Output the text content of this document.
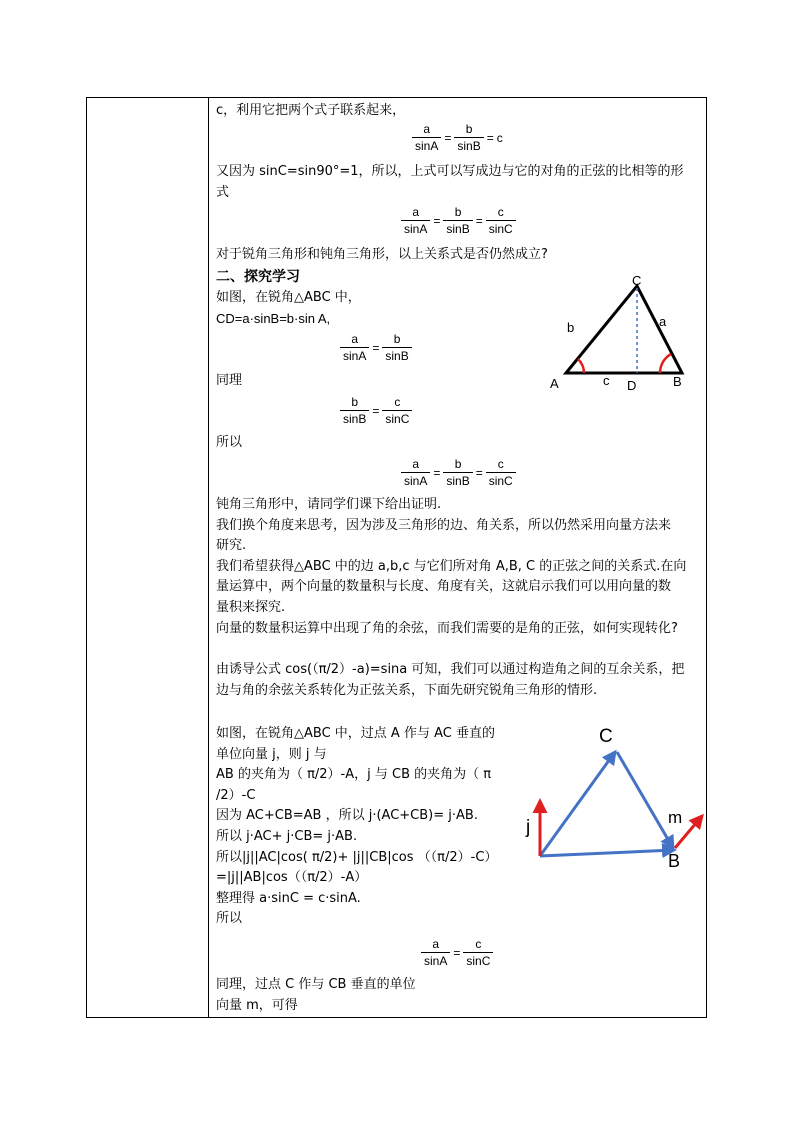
c，利用它把两个式子联系起来，
$\frac{a}{\sin A} = \frac{b}{\sin B} = c$
又因为 sinC=sin90°=1，所以，上式可以写成边与它的对角的正弦的比相等的形
式
$\frac{a}{\sin A} = \frac{b}{\sin B} = \frac{c}{\sin C}$
对于锐角三角形和钝角三角形，以上关系式是否仍然成立?
二、探究学习
如图，在锐角△ABC 中，
CD=a·sinB=b·sin A,
$\frac{a}{\sin A} = \frac{b}{\sin B}$
同理
$\frac{b}{\sin B} = \frac{c}{\sin C}$
所以
$\frac{a}{\sin A} = \frac{b}{\sin B} = \frac{c}{\sin C}$
钝角三角形中，请同学们课下给出证明.
我们换个角度来思考，因为涉及三角形的边、角关系，所以仍然采用向量方法来
研究.
我们希望获得△ABC 中的边 a,b,c 与它们所对角 A,B, C 的正弦之间的关系式.在向
量运算中，两个向量的数量积与长度、角度有关，这就启示我们可以用向量的数
量积来探究.
向量的数量积运算中出现了角的余弦，而我们需要的是角的正弦，如何实现转化?
由诱导公式 cos(（π/2）-a)=sina 可知，我们可以通过构造角之间的互余关系，把
边与角的余弦关系转化为正弦关系，下面先研究锐角三角形的情形.
如图，在锐角△ABC 中，过点 A 作与 AC 垂直的
单位向量 j，则 j 与
AB 的夹角为（ π/2）-A，j 与 CB 的夹角为（ π
/2）-C
因为 AC+CB=AB ，所以 j·(AC+CB)= j·AB.
所以 j·AC+ j·CB= j·AB.
所以|j||AC|cos( π/2)+ |j||CB|cos （（π/2）-C）
=|j||AB|cos（（π/2）-A）
整理得 a·sinC = c·sinA.
所以
$\frac{a}{\sin A} = \frac{c}{\sin C}$
同理，过点 C 作与 CB 垂直的单位
向量 m，可得
C
b	a
A	c D	B
C
j	m
B
